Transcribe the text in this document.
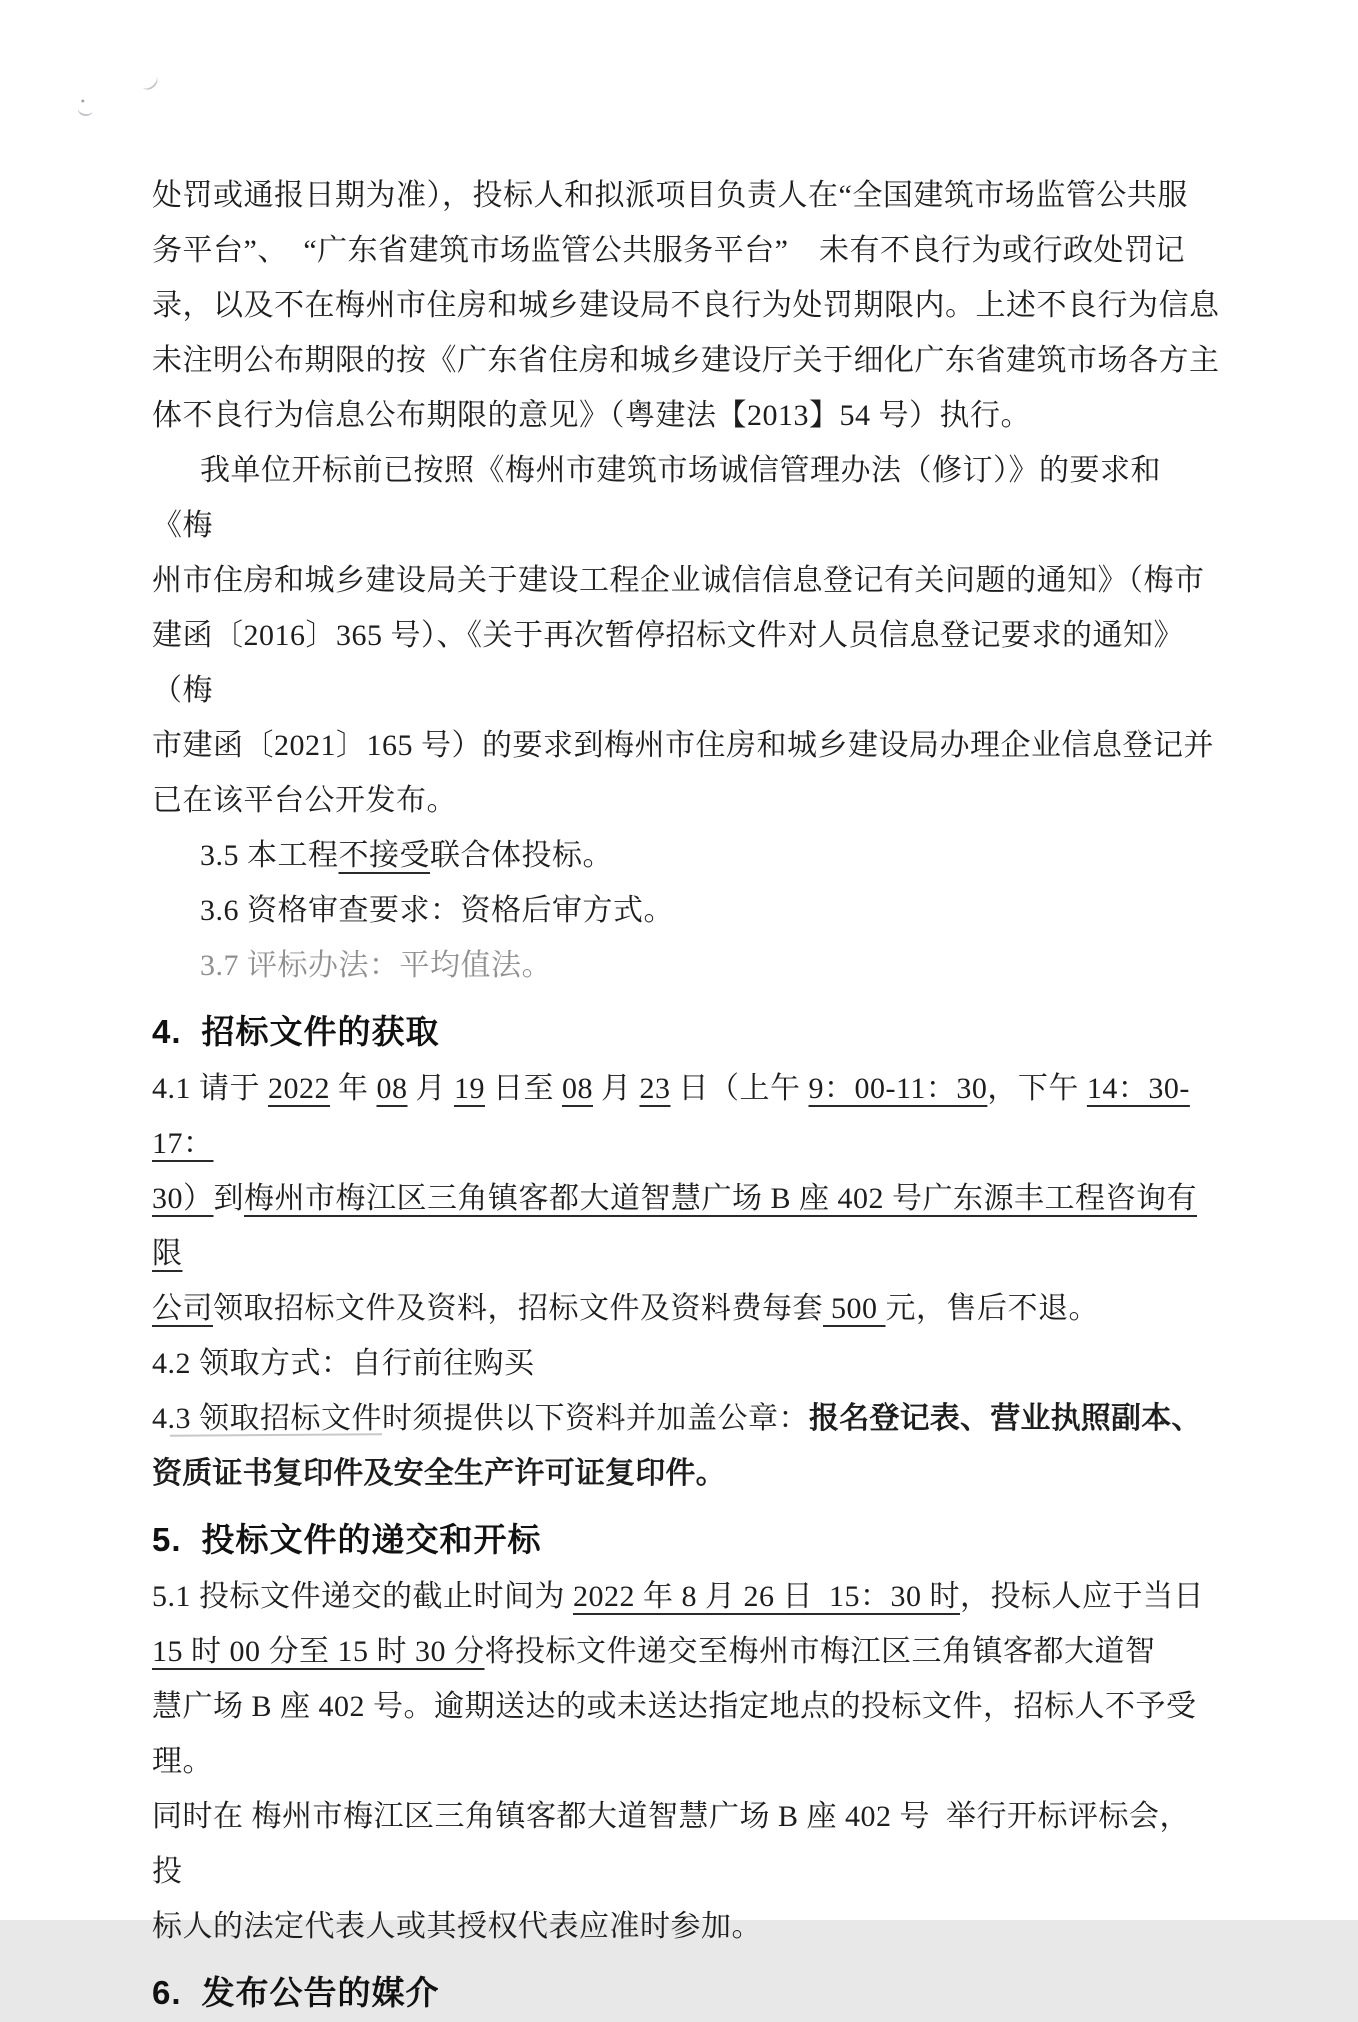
处罚或通报日期为准），投标人和拟派项目负责人在“全国建筑市场监管公共服

务平台”、　“广东省建筑市场监管公共服务平台”　未有不良行为或行政处罚记

录，以及不在梅州市住房和城乡建设局不良行为处罚期限内。上述不良行为信息

未注明公布期限的按《广东省住房和城乡建设厅关于细化广东省建筑市场各方主

体不良行为信息公布期限的意见》（粤建法【2013】54 号）执行。

我单位开标前已按照《梅州市建筑市场诚信管理办法（修订）》的要求和《梅

州市住房和城乡建设局关于建设工程企业诚信信息登记有关问题的通知》（梅市

建函〔2016〕365 号）、《关于再次暂停招标文件对人员信息登记要求的通知》（梅

市建函〔2021〕165 号）的要求到梅州市住房和城乡建设局办理企业信息登记并

已在该平台公开发布。

3.5 本工程不接受联合体投标。

3.6 资格审查要求：资格后审方式。

3.7 评标办法：平均值法。

4. 招标文件的获取

4.1 请于 2022 年 08 月 19 日至 08 月 23 日（上午 9：00-11：30，下午 14：30-17：

30）到梅州市梅江区三角镇客都大道智慧广场 B 座 402 号广东源丰工程咨询有限

公司领取招标文件及资料，招标文件及资料费每套 500 元，售后不退。

4.2 领取方式：自行前往购买

4.3 领取招标文件时须提供以下资料并加盖公章：报名登记表、营业执照副本、

资质证书复印件及安全生产许可证复印件。

5. 投标文件的递交和开标

5.1 投标文件递交的截止时间为 2022 年 8 月 26 日  15：30 时，投标人应于当日

15 时 00 分至 15 时 30 分将投标文件递交至梅州市梅江区三角镇客都大道智

慧广场 B 座 402 号。逾期送达的或未送达指定地点的投标文件，招标人不予受理。

同时在 梅州市梅江区三角镇客都大道智慧广场 B 座 402 号  举行开标评标会，投

标人的法定代表人或其授权代表应准时参加。

6. 发布公告的媒介
